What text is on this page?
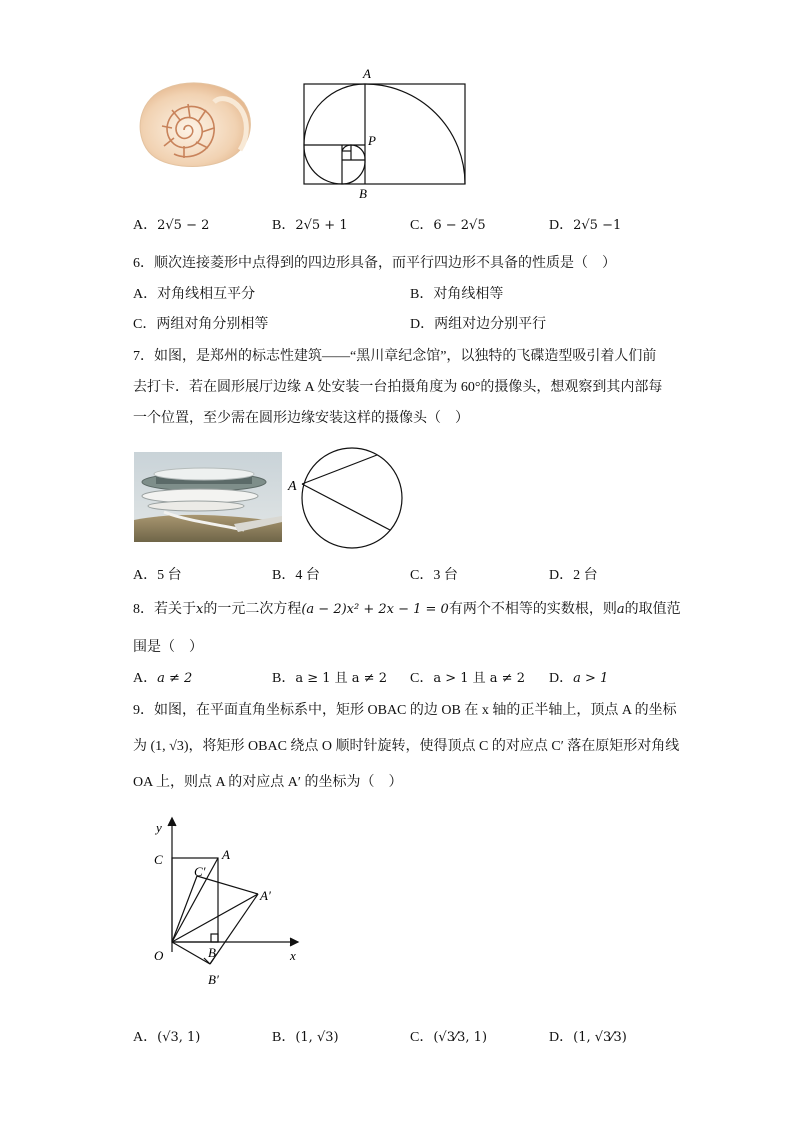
A
P
B
A．2√5 − 2	B．2√5 + 1	C．6 − 2√5	D．2√5 −1
6．顺次连接菱形中点得到的四边形具备，而平行四边形不具备的性质是（　）
A．对角线相互平分	B．对角线相等
C．两组对角分别相等	D．两组对边分别平行
7．如图，是郑州的标志性建筑——“黑川章纪念馆”，以独特的飞碟造型吸引着人们前
去打卡．若在圆形展厅边缘 A 处安装一台拍摄角度为 60°的摄像头，想观察到其内部每
一个位置，至少需在圆形边缘安装这样的摄像头（　）
A
A．5 台	B．4 台	C．3 台	D．2 台
8．若关于x的一元二次方程(a − 2)x² + 2x − 1 = 0有两个不相等的实数根，则a的取值范
围是（　）
A．a ≠ 2	B．a ≥ 1 且 a ≠ 2 C．a > 1 且 a ≠ 2 D．a > 1
9．如图，在平面直角坐标系中，矩形 OBAC 的边 OB 在 x 轴的正半轴上，顶点 A 的坐标
为 (1, √3)，将矩形 OBAC 绕点 O 顺时针旋转，使得顶点 C 的对应点 C′ 落在原矩形对角线
OA 上，则点 A 的对应点 A′ 的坐标为（　）
y
x
O
C	A
C′
A′
B
B′
A．(√3, 1)	B．(1, √3)	C．(√3⁄3, 1)	D．(1, √3⁄3)
